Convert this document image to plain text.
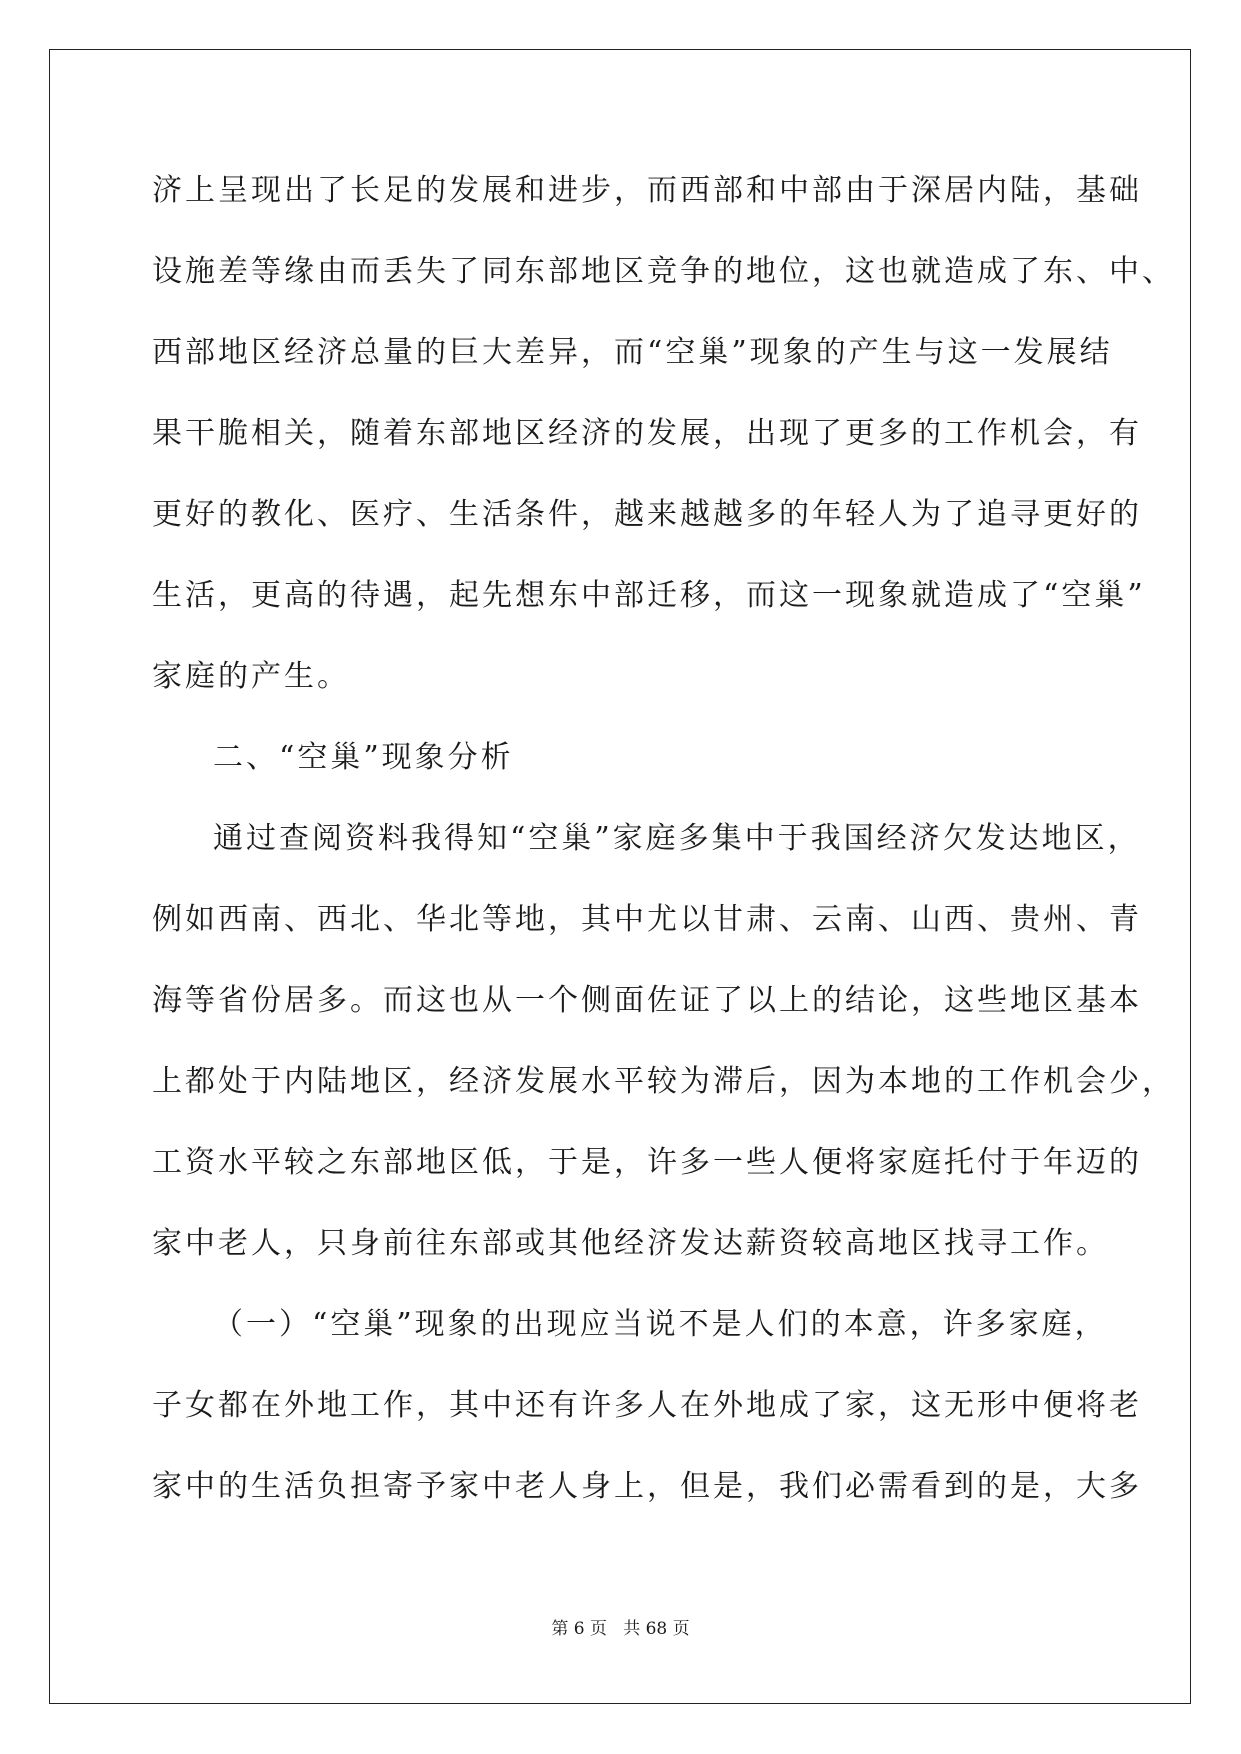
济上呈现出了长足的发展和进步，而西部和中部由于深居内陆，基础
设施差等缘由而丢失了同东部地区竞争的地位，这也就造成了东、中、
西部地区经济总量的巨大差异，而“空巢”现象的产生与这一发展结
果干脆相关，随着东部地区经济的发展，出现了更多的工作机会，有
更好的教化、医疗、生活条件，越来越越多的年轻人为了追寻更好的
生活，更高的待遇，起先想东中部迁移，而这一现象就造成了“空巢”
家庭的产生。
二、“空巢”现象分析
通过查阅资料我得知“空巢”家庭多集中于我国经济欠发达地区，
例如西南、西北、华北等地，其中尤以甘肃、云南、山西、贵州、青
海等省份居多。而这也从一个侧面佐证了以上的结论，这些地区基本
上都处于内陆地区，经济发展水平较为滞后，因为本地的工作机会少，
工资水平较之东部地区低，于是，许多一些人便将家庭托付于年迈的
家中老人，只身前往东部或其他经济发达薪资较高地区找寻工作。
（一）“空巢”现象的出现应当说不是人们的本意，许多家庭，
子女都在外地工作，其中还有许多人在外地成了家，这无形中便将老
家中的生活负担寄予家中老人身上，但是，我们必需看到的是，大多
第 6 页   共 68 页
